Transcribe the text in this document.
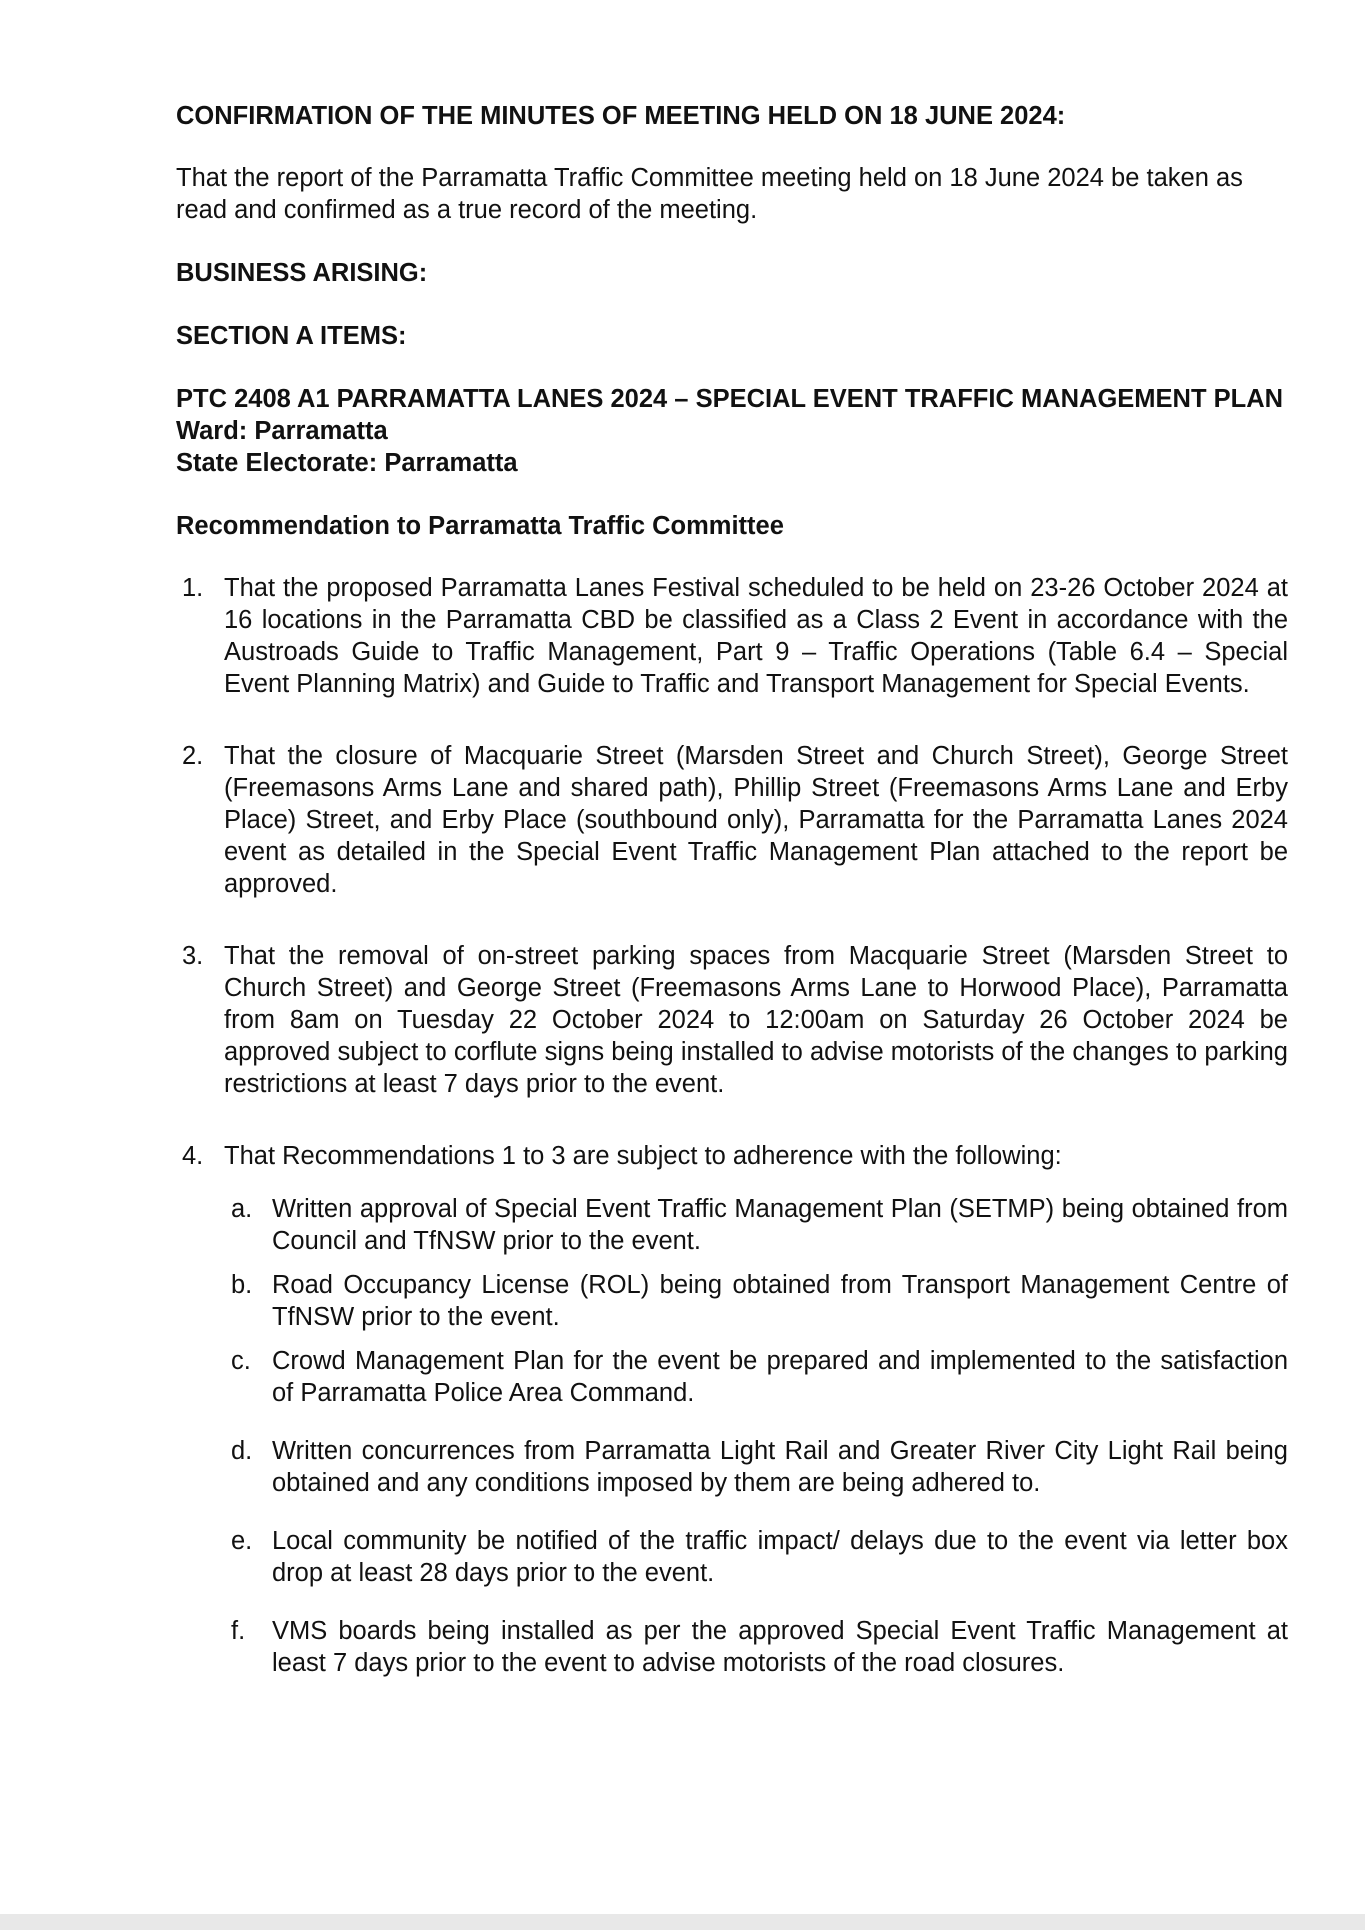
CONFIRMATION OF THE MINUTES OF MEETING HELD ON 18 JUNE 2024:

That the report of the Parramatta Traffic Committee meeting held on 18 June 2024 be taken as read and confirmed as a true record of the meeting.

BUSINESS ARISING:

SECTION A ITEMS:

PTC 2408 A1 PARRAMATTA LANES 2024 – SPECIAL EVENT TRAFFIC MANAGEMENT PLAN

Ward: Parramatta

State Electorate: Parramatta

Recommendation to Parramatta Traffic Committee

1. That the proposed Parramatta Lanes Festival scheduled to be held on 23-26 October 2024 at 16 locations in the Parramatta CBD be classified as a Class 2 Event in accordance with the Austroads Guide to Traffic Management, Part 9 – Traffic Operations (Table 6.4 – Special Event Planning Matrix) and Guide to Traffic and Transport Management for Special Events.
2. That the closure of Macquarie Street (Marsden Street and Church Street), George Street (Freemasons Arms Lane and shared path), Phillip Street (Freemasons Arms Lane and Erby Place) Street, and Erby Place (southbound only), Parramatta for the Parramatta Lanes 2024 event as detailed in the Special Event Traffic Management Plan attached to the report be approved.
3. That the removal of on-street parking spaces from Macquarie Street (Marsden Street to Church Street) and George Street (Freemasons Arms Lane to Horwood Place), Parramatta from 8am on Tuesday 22 October 2024 to 12:00am on Saturday 26 October 2024 be approved subject to corflute signs being installed to advise motorists of the changes to parking restrictions at least 7 days prior to the event.
4. That Recommendations 1 to 3 are subject to adherence with the following:
a. Written approval of Special Event Traffic Management Plan (SETMP) being obtained from Council and TfNSW prior to the event.
b. Road Occupancy License (ROL) being obtained from Transport Management Centre of TfNSW prior to the event.
c. Crowd Management Plan for the event be prepared and implemented to the satisfaction of Parramatta Police Area Command.
d. Written concurrences from Parramatta Light Rail and Greater River City Light Rail being obtained and any conditions imposed by them are being adhered to.
e. Local community be notified of the traffic impact/ delays due to the event via letter box drop at least 28 days prior to the event.
f.	VMS boards being installed as per the approved Special Event Traffic Management at least 7 days prior to the event to advise motorists of the road closures.
